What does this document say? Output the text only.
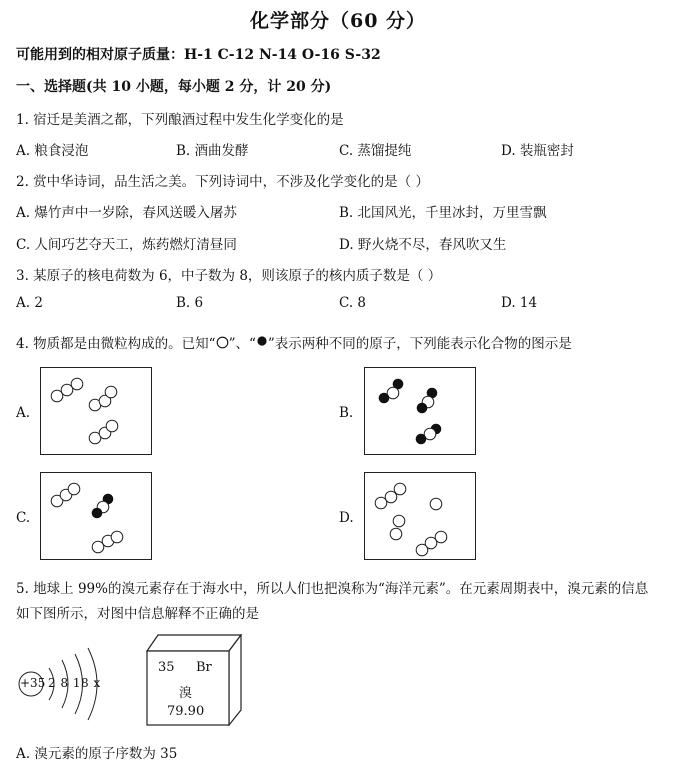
化学部分（60 分）
可能用到的相对原子质量：H-1 C-12 N-14 O-16 S-32
一、选择题(共 10 小题，每小题 2 分，计 20 分)
1. 宿迁是美酒之都，下列酿酒过程中发生化学变化的是
A. 粮食浸泡	B. 酒曲发酵	C. 蒸馏提纯	D. 装瓶密封
2. 赏中华诗词，品生活之美。下列诗词中，不涉及化学变化的是（ ）
A. 爆竹声中一岁除，春风送暖入屠苏	B. 北国风光，千里冰封，万里雪飘
C. 人间巧艺夺天工，炼药燃灯清昼同	D. 野火烧不尽，春风吹又生
3. 某原子的核电荷数为 6，中子数为 8，则该原子的核内质子数是（ ）
A. 2	B. 6	C. 8	D. 14
4. 物质都是由微粒构成的。已知“ ”、“ ”表示两种不同的原子，下列能表示化合物的图示是
A.	B.
C.	D.
5. 地球上 99%的溴元素存在于海水中，所以人们也把溴称为“海洋元素”。在元素周期表中，溴元素的信息
如下图所示，对图中信息解释不正确的是
+35 2 8 18 x
35 Br
溴
79.90
A. 溴元素的原子序数为 35
